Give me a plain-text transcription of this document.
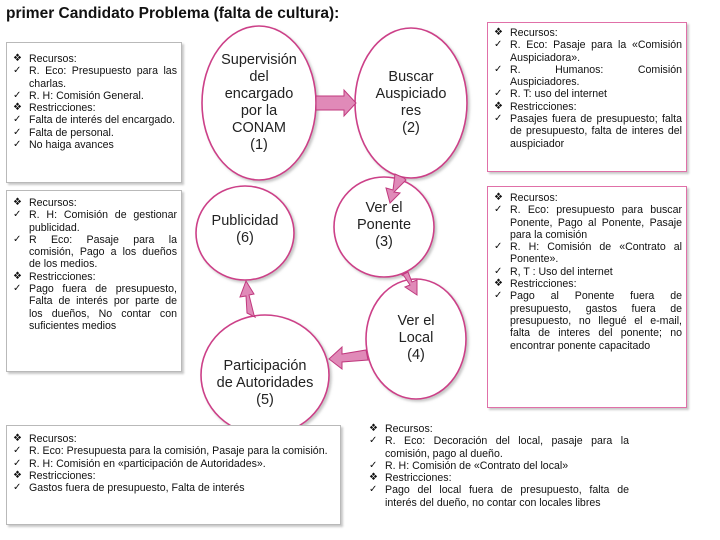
primer Candidato Problema (falta de cultura):
Supervisión
del
encargado
por la
CONAM
(1)
Buscar
Auspiciado
res
(2)
Ver el
Ponente
(3)
Ver el
Local
(4)
Participación
de Autoridades
(5)
Publicidad
(6)
❖ Recursos:
✓ R. Eco: Presupuesto para las charlas.
✓ R. H: Comisión General.
❖ Restricciones:
✓ Falta de interés del encargado.
✓ Falta de personal.
✓ No haiga avances
❖ Recursos:
✓ R. H: Comisión de gestionar publicidad.
✓ R Eco: Pasaje para la comisión, Pago a los dueños de los medios.
❖ Restricciones:
✓ Pago fuera de presupuesto, Falta de interés por parte de los dueños, No contar con suficientes medios
❖ Recursos:
✓ R. Eco: Presupuesta para la comisión, Pasaje para la comisión.
✓ R. H: Comisión en «participación de Autoridades».
❖ Restricciones:
✓ Gastos fuera de presupuesto, Falta de interés
❖ Recursos:
✓ R. Eco: Pasaje para la «Comisión Auspiciadora».
✓ R. Humanos: Comisión Auspiciadores.
✓ R. T: uso del internet
❖ Restricciones:
✓ Pasajes fuera de presupuesto; falta de presupuesto, falta de interes del auspiciador
❖ Recursos:
✓ R. Eco: presupuesto para buscar Ponente, Pago al Ponente, Pasaje para la comisión
✓ R. H: Comisión de «Contrato al Ponente».
✓ R, T : Uso del internet
❖ Restricciones:
✓ Pago al Ponente fuera de presupuesto, gastos fuera de presupuesto, no llegué el e-mail, falta de interes del ponente; no encontrar ponente capacitado
❖ Recursos:
✓ R. Eco: Decoración del local, pasaje para la comisión, pago al dueño.
✓ R. H: Comisión de «Contrato del local»
❖ Restricciones:
✓ Pago del local fuera de presupuesto, falta de interés del dueño, no contar con locales libres
